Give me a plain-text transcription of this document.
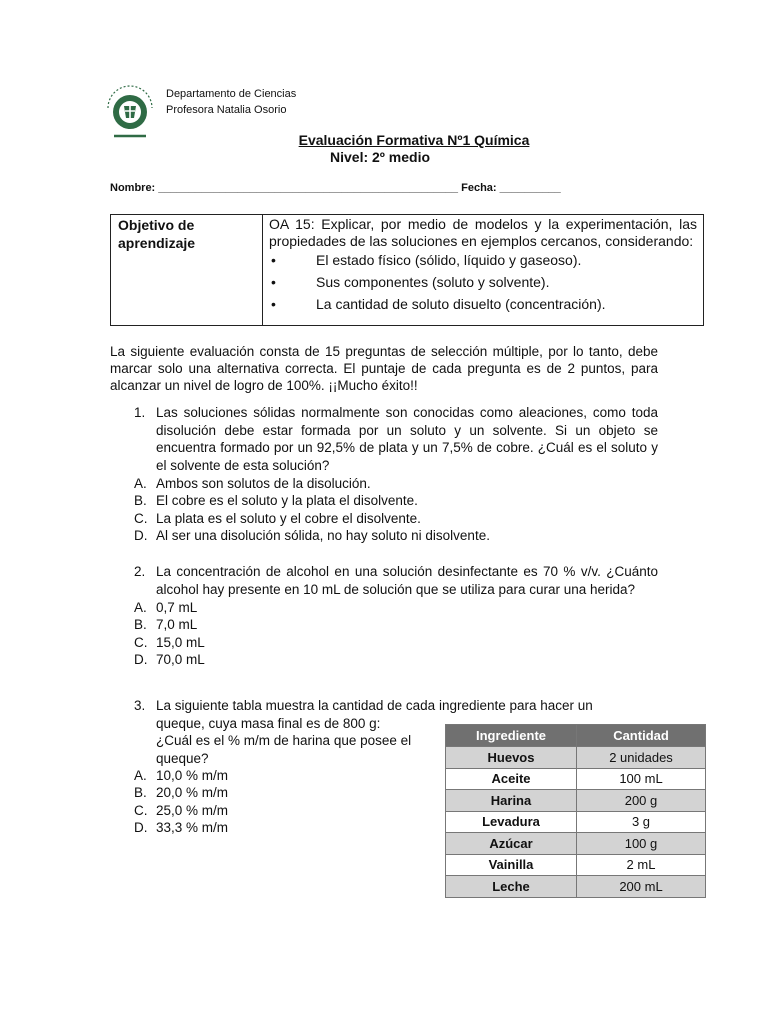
Departamento de Ciencias
Profesora Natalia Osorio
Evaluación Formativa Nº1 Química
Nivel: 2º medio
Nombre: _________________________________________________ Fecha: __________
Objetivo de aprendizaje
OA 15: Explicar, por medio de modelos y la experimentación, las propiedades de las soluciones en ejemplos cercanos, considerando:
•	El estado físico (sólido, líquido y gaseoso).
•	Sus componentes (soluto y solvente).
•	La cantidad de soluto disuelto (concentración).
La siguiente evaluación consta de 15 preguntas de selección múltiple, por lo tanto, debe marcar solo una alternativa correcta. El puntaje de cada pregunta es de 2 puntos, para alcanzar un nivel de logro de 100%. ¡¡Mucho éxito!!
1. Las soluciones sólidas normalmente son conocidas como aleaciones, como toda disolución debe estar formada por un soluto y un solvente. Si un objeto se encuentra formado por un 92,5% de plata y un 7,5% de cobre. ¿Cuál es el soluto y el solvente de esta solución?
A. Ambos son solutos de la disolución.
B. El cobre es el soluto y la plata el disolvente.
C. La plata es el soluto y el cobre el disolvente.
D. Al ser una disolución sólida, no hay soluto ni disolvente.
2. La concentración de alcohol en una solución desinfectante es 70 % v/v. ¿Cuánto alcohol hay presente en 10 mL de solución que se utiliza para curar una herida?
A. 0,7 mL
B. 7,0 mL
C. 15,0 mL
D. 70,0 mL
3. La siguiente tabla muestra la cantidad de cada ingrediente para hacer un
queque, cuya masa final es de 800 g:
¿Cuál es el % m/m de harina que posee el queque?
A. 10,0 % m/m
B. 20,0 % m/m
C. 25,0 % m/m
D. 33,3 % m/m
Ingrediente	Cantidad
Huevos	2 unidades
Aceite	100 mL
Harina	200 g
Levadura	3 g
Azúcar	100 g
Vainilla	2 mL
Leche	200 mL
